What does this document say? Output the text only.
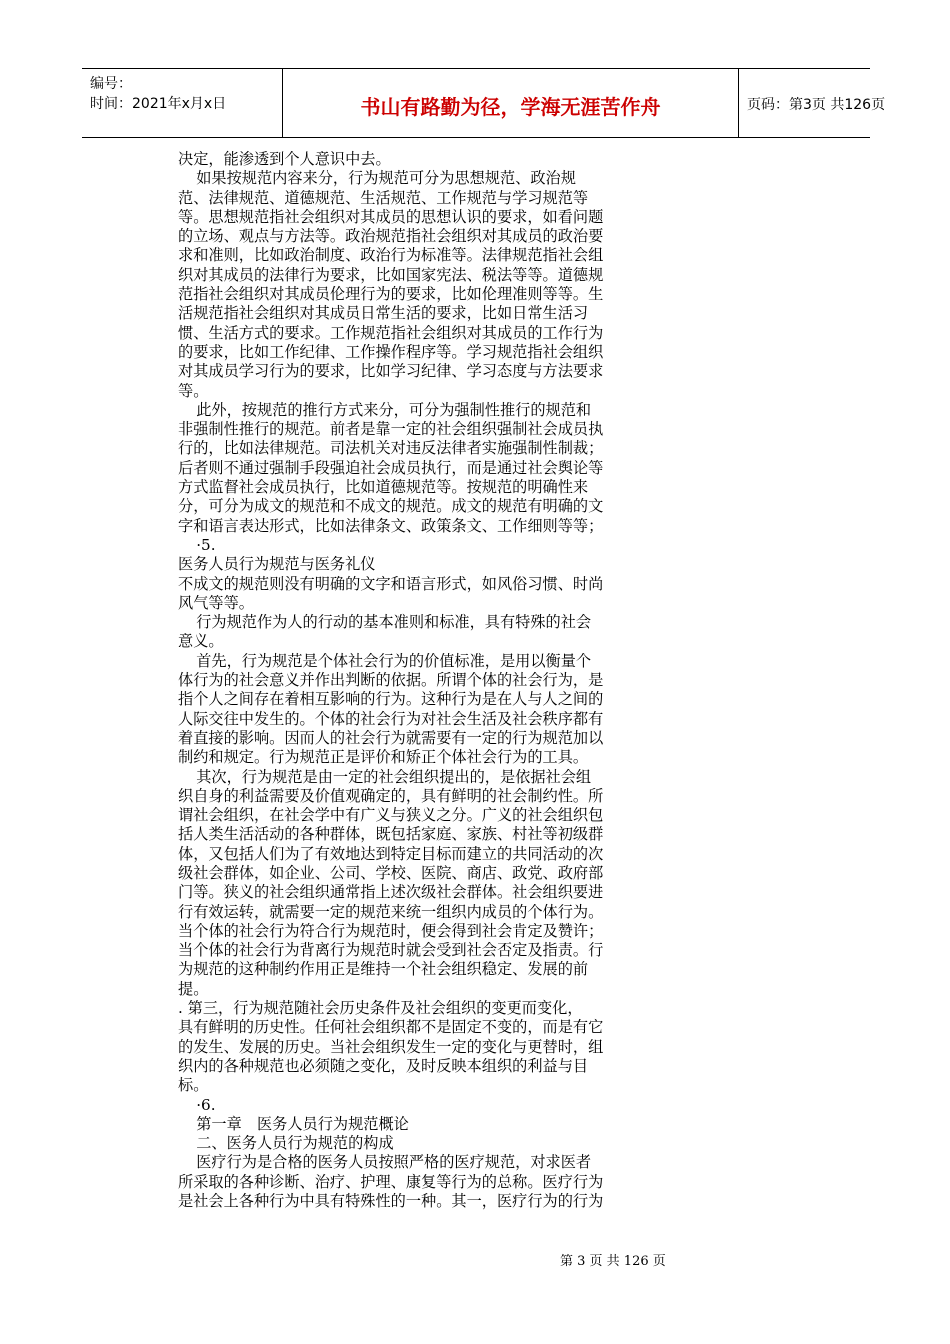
编号：
时间：2021年x月x日	书山有路勤为径，学海无涯苦作舟	页码：第3页 共126页

决定，能渗透到个人意识中去。

如果按规范内容来分，行为规范可分为思想规范、政治规

范、法律规范、道德规范、生活规范、工作规范与学习规范等

等。思想规范指社会组织对其成员的思想认识的要求，如看问题

的立场、观点与方法等。政治规范指社会组织对其成员的政治要

求和准则，比如政治制度、政治行为标准等。法律规范指社会组

织对其成员的法律行为要求，比如国家宪法、税法等等。道德规

范指社会组织对其成员伦理行为的要求，比如伦理准则等等。生

活规范指社会组织对其成员日常生活的要求，比如日常生活习

惯、生活方式的要求。工作规范指社会组织对其成员的工作行为

的要求，比如工作纪律、工作操作程序等。学习规范指社会组织

对其成员学习行为的要求，比如学习纪律、学习态度与方法要求

等。

此外，按规范的推行方式来分，可分为强制性推行的规范和

非强制性推行的规范。前者是靠一定的社会组织强制社会成员执

行的，比如法律规范。司法机关对违反法律者实施强制性制裁；

后者则不通过强制手段强迫社会成员执行，而是通过社会舆论等

方式监督社会成员执行，比如道德规范等。按规范的明确性来

分，可分为成文的规范和不成文的规范。成文的规范有明确的文

字和语言表达形式，比如法律条文、政策条文、工作细则等等；

·5.

医务人员行为规范与医务礼仪

不成文的规范则没有明确的文字和语言形式，如风俗习惯、时尚

风气等等。

行为规范作为人的行动的基本准则和标准，具有特殊的社会

意义。

首先，行为规范是个体社会行为的价值标准，是用以衡量个

体行为的社会意义并作出判断的依据。所谓个体的社会行为，是

指个人之间存在着相互影响的行为。这种行为是在人与人之间的

人际交往中发生的。个体的社会行为对社会生活及社会秩序都有

着直接的影响。因而人的社会行为就需要有一定的行为规范加以

制约和规定。行为规范正是评价和矫正个体社会行为的工具。

其次，行为规范是由一定的社会组织提出的，是依据社会组

织自身的利益需要及价值观确定的，具有鲜明的社会制约性。所

谓社会组织，在社会学中有广义与狭义之分。广义的社会组织包

括人类生活活动的各种群体，既包括家庭、家族、村社等初级群

体，又包括人们为了有效地达到特定目标而建立的共同活动的次

级社会群体，如企业、公司、学校、医院、商店、政党、政府部

门等。狭义的社会组织通常指上述次级社会群体。社会组织要进

行有效运转，就需要一定的规范来统一组织内成员的个体行为。

当个体的社会行为符合行为规范时，便会得到社会肯定及赞许；

当个体的社会行为背离行为规范时就会受到社会否定及指责。行

为规范的这种制约作用正是维持一个社会组织稳定、发展的前

提。

. 第三，行为规范随社会历史条件及社会组织的变更而变化，

具有鲜明的历史性。任何社会组织都不是固定不变的，而是有它

的发生、发展的历史。当社会组织发生一定的变化与更替时，组

织内的各种规范也必须随之变化，及时反映本组织的利益与目

标。

·6.

第一章　医务人员行为规范概论

二、医务人员行为规范的构成

医疗行为是合格的医务人员按照严格的医疗规范，对求医者

所采取的各种诊断、治疗、护理、康复等行为的总称。医疗行为

是社会上各种行为中具有特殊性的一种。其一，医疗行为的行为

第 3 页 共 126 页
